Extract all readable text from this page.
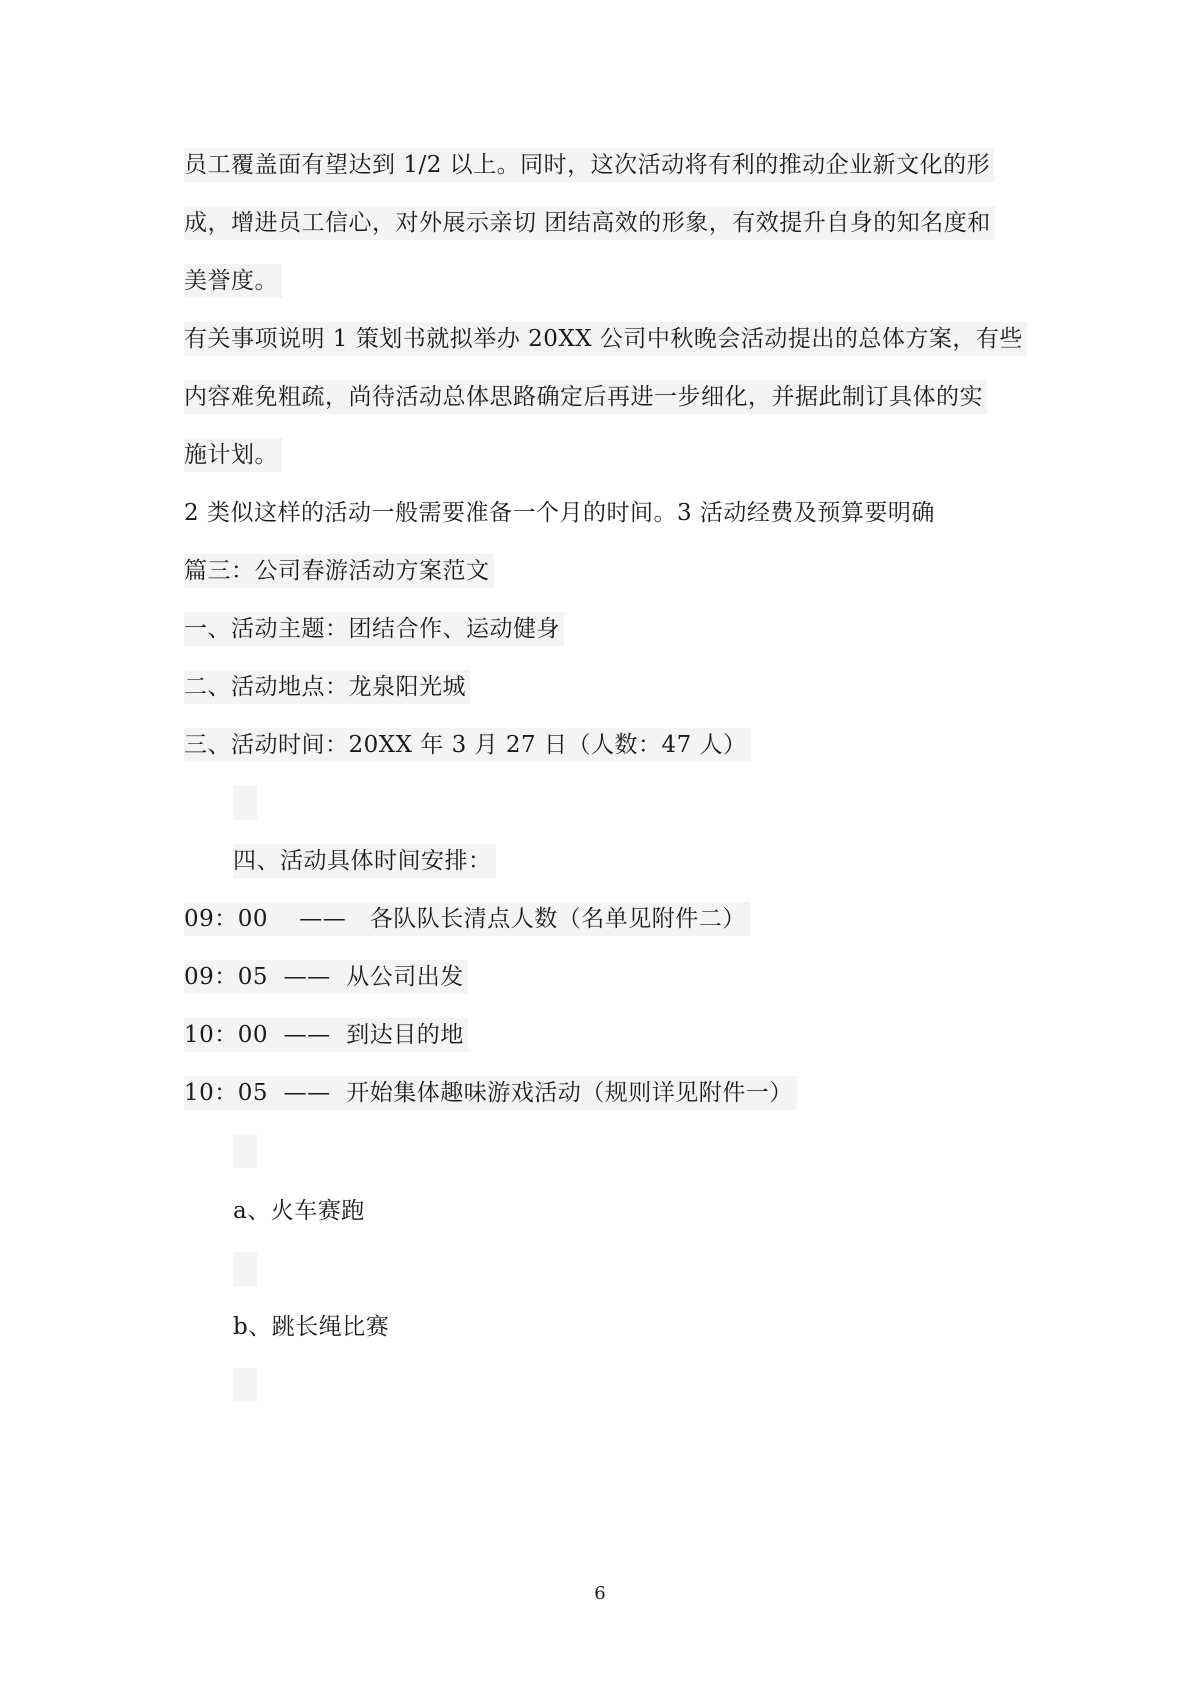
员工覆盖面有望达到 1/2 以上。同时，这次活动将有利的推动企业新文化的形
成，增进员工信心，对外展示亲切 团结高效的形象，有效提升自身的知名度和
美誉度。
有关事项说明 1 策划书就拟举办 20XX 公司中秋晚会活动提出的总体方案，有些
内容难免粗疏，尚待活动总体思路确定后再进一步细化，并据此制订具体的实
施计划。
2 类似这样的活动一般需要准备一个月的时间。3 活动经费及预算要明确
篇三：公司春游活动方案范文
一、活动主题：团结合作、运动健身
二、活动地点：龙泉阳光城
三、活动时间：20XX 年 3 月 27 日（人数：47 人）
四、活动具体时间安排：
09：00 ——   各队队长清点人数（名单见附件二）
09：05 —— 从公司出发
10：00 —— 到达目的地
10：05 —— 开始集体趣味游戏活动（规则详见附件一）
a、火车赛跑
b、跳长绳比赛
6
